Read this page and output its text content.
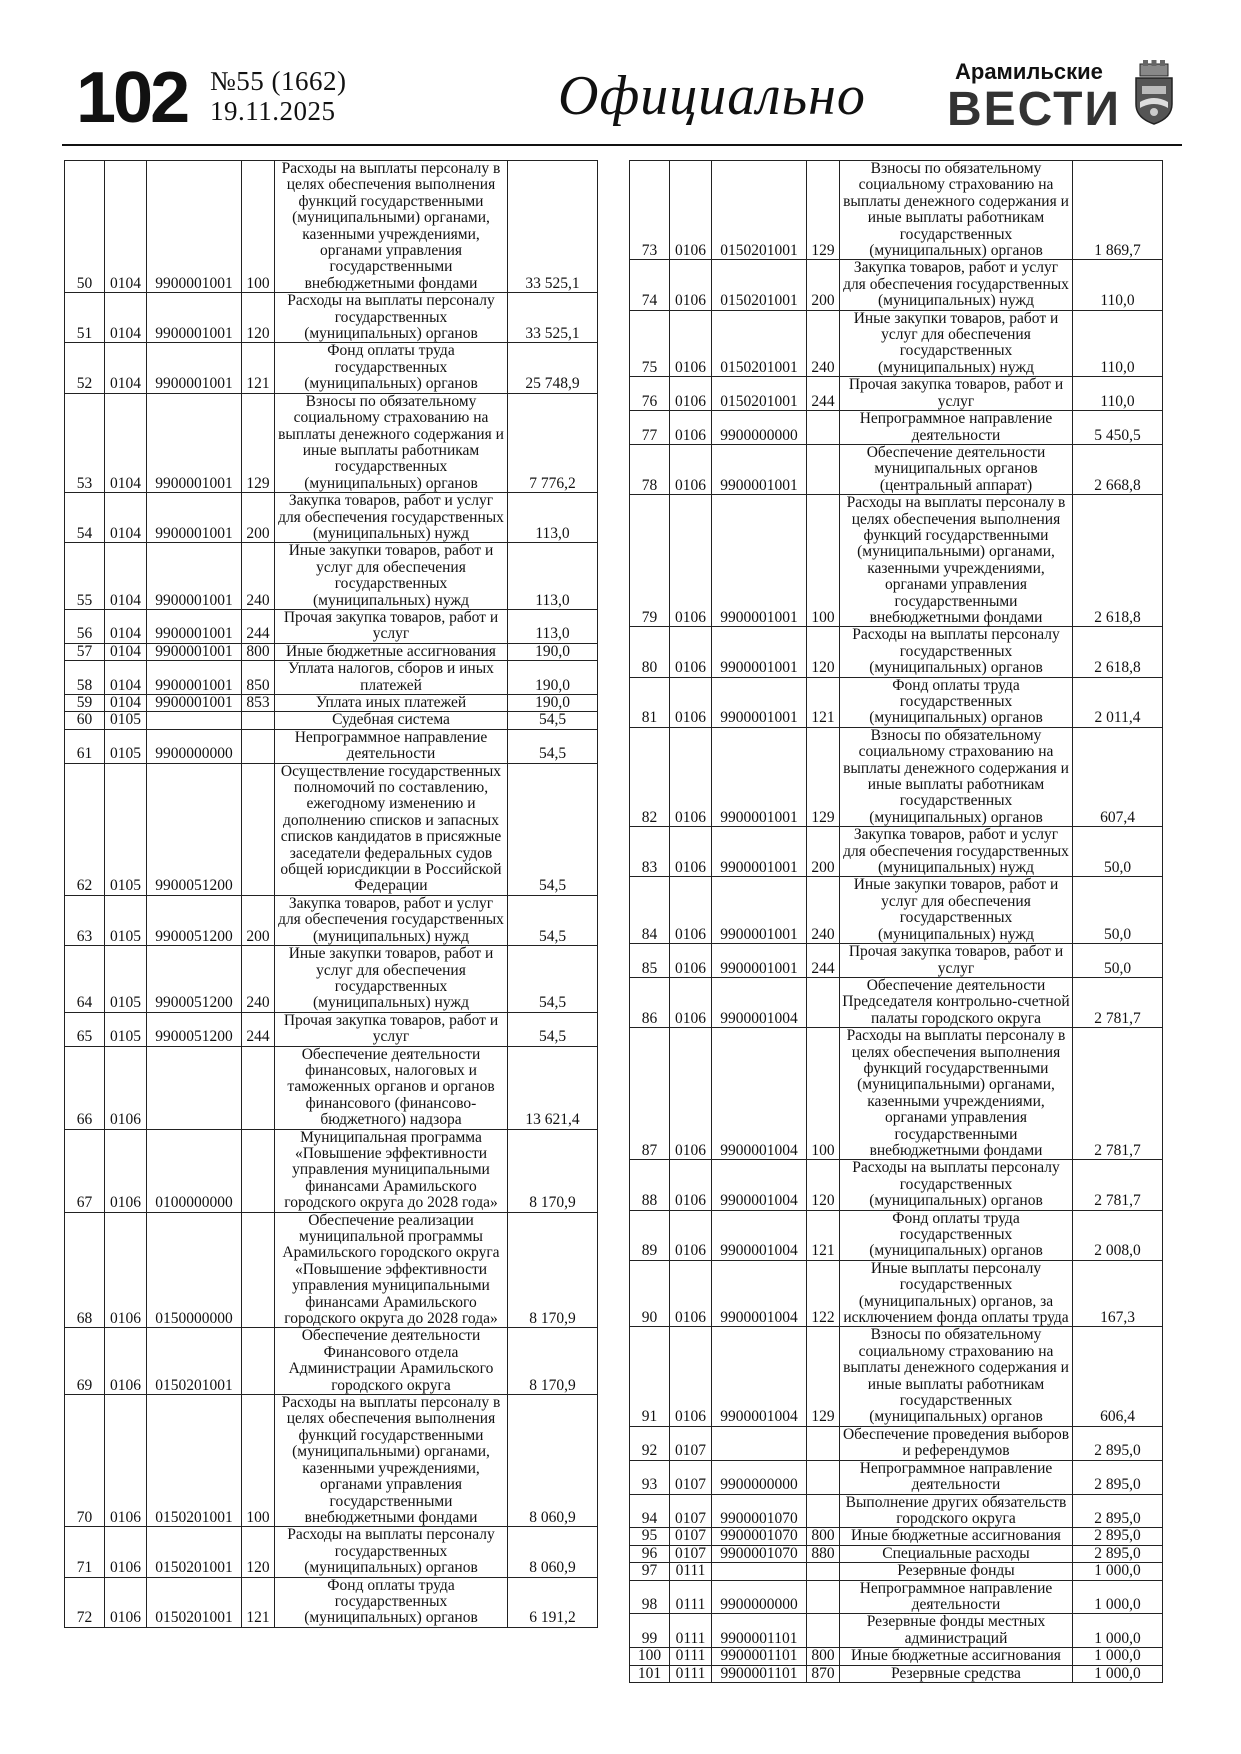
102 №55 (1662)
19.11.2025	Официально	Арамильские
ВЕСТИ
50	0104	9900001001	100	Расходы на выплаты персоналу в целях обеспечения выполнения функций государственными (муниципальными) органами, казенными учреждениями, органами управления государственными внебюджетными фондами	33 525,1
51	0104	9900001001	120	Расходы на выплаты персоналу государственных (муниципальных) органов	33 525,1
52	0104	9900001001	121	Фонд оплаты труда государственных (муниципальных) органов	25 748,9
53	0104	9900001001	129	Взносы по обязательному социальному страхованию на выплаты денежного содержания и иные выплаты работникам государственных (муниципальных) органов	7 776,2
54	0104	9900001001	200	Закупка товаров, работ и услуг для обеспечения государственных (муниципальных) нужд	113,0
55	0104	9900001001	240	Иные закупки товаров, работ и услуг для обеспечения государственных (муниципальных) нужд	113,0
56	0104	9900001001	244	Прочая закупка товаров, работ и услуг	113,0
57	0104	9900001001	800	Иные бюджетные ассигнования	190,0
58	0104	9900001001	850	Уплата налогов, сборов и иных платежей	190,0
59	0104	9900001001	853	Уплата иных платежей	190,0
60	0105			Судебная система	54,5
61	0105	9900000000		Непрограммное направление деятельности	54,5
62	0105	9900051200		Осуществление государственных полномочий по составлению, ежегодному изменению и дополнению списков и запасных списков кандидатов в присяжные заседатели федеральных судов общей юрисдикции в Российской Федерации	54,5
63	0105	9900051200	200	Закупка товаров, работ и услуг для обеспечения государственных (муниципальных) нужд	54,5
64	0105	9900051200	240	Иные закупки товаров, работ и услуг для обеспечения государственных (муниципальных) нужд	54,5
65	0105	9900051200	244	Прочая закупка товаров, работ и услуг	54,5
66	0106			Обеспечение деятельности финансовых, налоговых и таможенных органов и органов финансового (финансово-бюджетного) надзора	13 621,4
67	0106	0100000000		Муниципальная программа «Повышение эффективности управления муниципальными финансами Арамильского городского округа до 2028 года»	8 170,9
68	0106	0150000000		Обеспечение реализации муниципальной программы Арамильского городского округа «Повышение эффективности управления муниципальными финансами Арамильского городского округа до 2028 года»	8 170,9
69	0106	0150201001		Обеспечение деятельности Финансового отдела Администрации Арамильского городского округа	8 170,9
70	0106	0150201001	100	Расходы на выплаты персоналу в целях обеспечения выполнения функций государственными (муниципальными) органами, казенными учреждениями, органами управления государственными внебюджетными фондами	8 060,9
71	0106	0150201001	120	Расходы на выплаты персоналу государственных (муниципальных) органов	8 060,9
72	0106	0150201001	121	Фонд оплаты труда государственных (муниципальных) органов	6 191,2
73	0106	0150201001	129	Взносы по обязательному социальному страхованию на выплаты денежного содержания и иные выплаты работникам государственных (муниципальных) органов	1 869,7
74	0106	0150201001	200	Закупка товаров, работ и услуг для обеспечения государственных (муниципальных) нужд	110,0
75	0106	0150201001	240	Иные закупки товаров, работ и услуг для обеспечения государственных (муниципальных) нужд	110,0
76	0106	0150201001	244	Прочая закупка товаров, работ и услуг	110,0
77	0106	9900000000		Непрограммное направление деятельности	5 450,5
78	0106	9900001001		Обеспечение деятельности муниципальных органов (центральный аппарат)	2 668,8
79	0106	9900001001	100	Расходы на выплаты персоналу в целях обеспечения выполнения функций государственными (муниципальными) органами, казенными учреждениями, органами управления государственными внебюджетными фондами	2 618,8
80	0106	9900001001	120	Расходы на выплаты персоналу государственных (муниципальных) органов	2 618,8
81	0106	9900001001	121	Фонд оплаты труда государственных (муниципальных) органов	2 011,4
82	0106	9900001001	129	Взносы по обязательному социальному страхованию на выплаты денежного содержания и иные выплаты работникам государственных (муниципальных) органов	607,4
83	0106	9900001001	200	Закупка товаров, работ и услуг для обеспечения государственных (муниципальных) нужд	50,0
84	0106	9900001001	240	Иные закупки товаров, работ и услуг для обеспечения государственных (муниципальных) нужд	50,0
85	0106	9900001001	244	Прочая закупка товаров, работ и услуг	50,0
86	0106	9900001004		Обеспечение деятельности Председателя контрольно-счетной палаты городского округа	2 781,7
87	0106	9900001004	100	Расходы на выплаты персоналу в целях обеспечения выполнения функций государственными (муниципальными) органами, казенными учреждениями, органами управления государственными внебюджетными фондами	2 781,7
88	0106	9900001004	120	Расходы на выплаты персоналу государственных (муниципальных) органов	2 781,7
89	0106	9900001004	121	Фонд оплаты труда государственных (муниципальных) органов	2 008,0
90	0106	9900001004	122	Иные выплаты персоналу государственных (муниципальных) органов, за исключением фонда оплаты труда	167,3
91	0106	9900001004	129	Взносы по обязательному социальному страхованию на выплаты денежного содержания и иные выплаты работникам государственных (муниципальных) органов	606,4
92	0107			Обеспечение проведения выборов и референдумов	2 895,0
93	0107	9900000000		Непрограммное направление деятельности	2 895,0
94	0107	9900001070		Выполнение других обязательств городского округа	2 895,0
95	0107	9900001070	800	Иные бюджетные ассигнования	2 895,0
96	0107	9900001070	880	Специальные расходы	2 895,0
97	0111			Резервные фонды	1 000,0
98	0111	9900000000		Непрограммное направление деятельности	1 000,0
99	0111	9900001101		Резервные фонды местных администраций	1 000,0
100	0111	9900001101	800	Иные бюджетные ассигнования	1 000,0
101	0111	9900001101	870	Резервные средства	1 000,0
